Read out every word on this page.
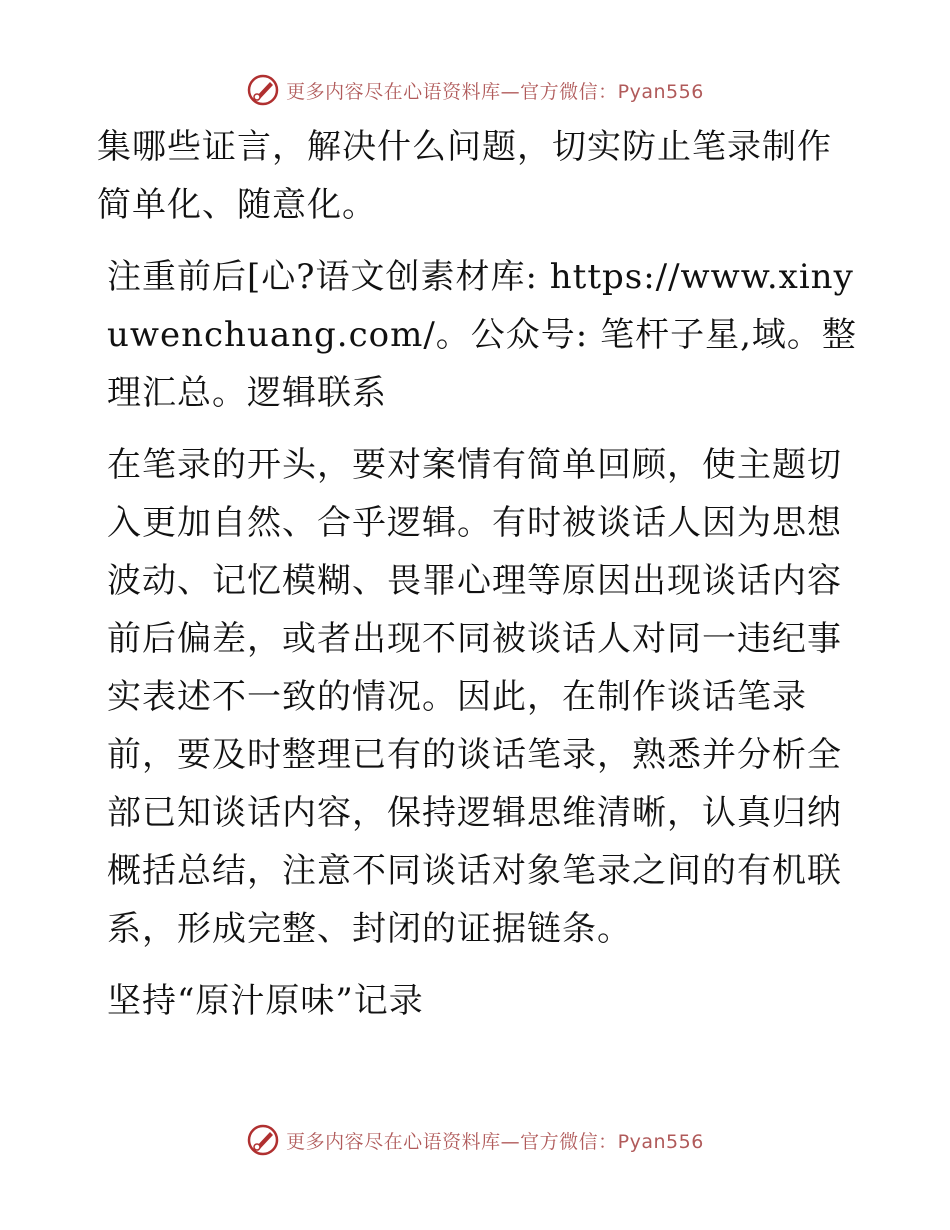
更多内容尽在心语资料库—官方微信：Pyan556

集哪些证言，解决什么问题，切实防止笔录制作简单化、随意化。

注重前后[心?语文创素材库: https://www.xinyuwenchuang.com/。公众号: 笔杆子星,域。整理汇总。逻辑联系

在笔录的开头，要对案情有简单回顾，使主题切入更加自然、合乎逻辑。有时被谈话人因为思想波动、记忆模糊、畏罪心理等原因出现谈话内容前后偏差，或者出现不同被谈话人对同一违纪事实表述不一致的情况。因此，在制作谈话笔录前，要及时整理已有的谈话笔录，熟悉并分析全部已知谈话内容，保持逻辑思维清晰，认真归纳概括总结，注意不同谈话对象笔录之间的有机联系，形成完整、封闭的证据链条。

坚持“原汁原味”记录

更多内容尽在心语资料库—官方微信：Pyan556
